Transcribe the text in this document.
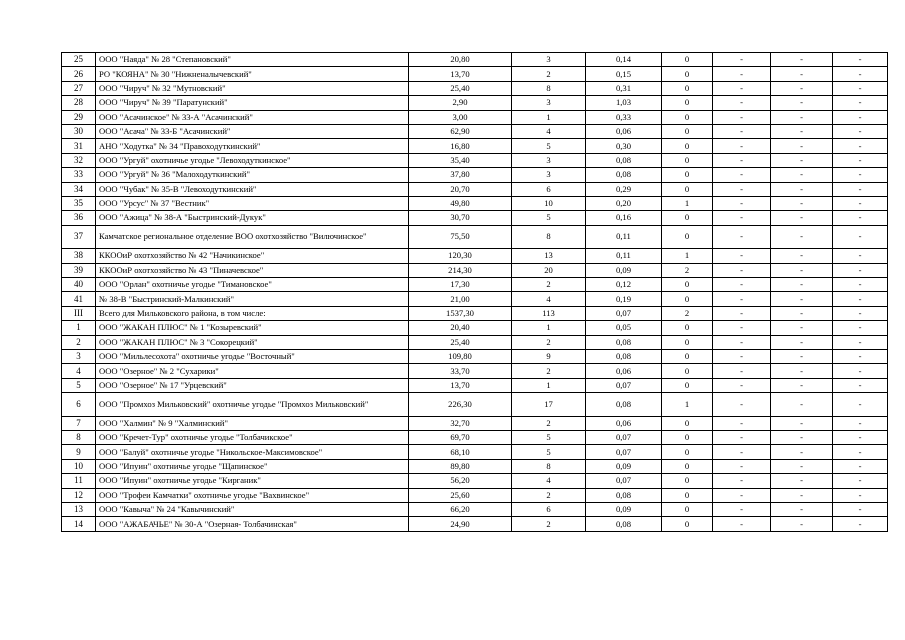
25	ООО "Наяда" № 28 "Степановский"	20,80	3	0,14	0	-	-	-
26	РО "КОЯНА" № 30 "Нижненалычевский"	13,70	2	0,15	0	-	-	-
27	ООО "Чируч" № 32 "Мутновский"	25,40	8	0,31	0	-	-	-
28	ООО "Чируч" № 39 "Паратунский"	2,90	3	1,03	0	-	-	-
29	ООО "Асачинское" № 33-А "Асачинский"	3,00	1	0,33	0	-	-	-
30	ООО "Асача" № 33-Б "Асачинский"	62,90	4	0,06	0	-	-	-
31	АНО "Ходутка" № 34 "Правоходуткинский"	16,80	5	0,30	0	-	-	-
32	ООО "Ургуй" охотничье угодье "Левоходуткинское"	35,40	3	0,08	0	-	-	-
33	ООО "Ургуй" № 36 "Малоходуткинский"	37,80	3	0,08	0	-	-	-
34	ООО "Чубак" № 35-В "Левоходуткинский"	20,70	6	0,29	0	-	-	-
35	ООО "Урсус" № 37 "Вестник"	49,80	10	0,20	1	-	-	-
36	ООО "Ажица" № 38-А "Быстринский-Дукук"	30,70	5	0,16	0	-	-	-
37	Камчатское региональное отделение ВОО охотхозяйство "Вилючинское"	75,50	8	0,11	0	-	-	-
38	ККООиР охотхозяйство № 42 "Начикинское"	120,30	13	0,11	1	-	-	-
39	ККООиР охотхозяйство № 43 "Пиначевское"	214,30	20	0,09	2	-	-	-
40	ООО "Орлан" охотничье угодье "Тимановское"	17,30	2	0,12	0	-	-	-
41	№ 38-В "Быстринский-Малкинский"	21,00	4	0,19	0	-	-	-
III	Всего для Мильковского района, в том числе:	1537,30	113	0,07	2	-	-	-
1	ООО "ЖАКАН ПЛЮС" № 1 "Козыревский"	20,40	1	0,05	0	-	-	-
2	ООО "ЖАКАН ПЛЮС" № 3 "Сокорецкий"	25,40	2	0,08	0	-	-	-
3	ООО "Мильлесохота" охотничье угодье "Восточный"	109,80	9	0,08	0	-	-	-
4	ООО "Озерное" № 2 "Сухарики"	33,70	2	0,06	0	-	-	-
5	ООО "Озерное" № 17 "Урцевский"	13,70	1	0,07	0	-	-	-
6	ООО "Промхоз Мильковский" охотничье угодье "Промхоз Мильковский"	226,30	17	0,08	1	-	-	-
7	ООО "Халмин" № 9 "Халминский"	32,70	2	0,06	0	-	-	-
8	ООО "Кречет-Тур" охотничье угодье "Толбачикское"	69,70	5	0,07	0	-	-	-
9	ООО "Балуй" охотничье угодье "Никольское-Максимовское"	68,10	5	0,07	0	-	-	-
10	ООО "Ипуин" охотничье угодье "Щапинское"	89,80	8	0,09	0	-	-	-
11	ООО "Ипуин" охотничье угодье "Кирганик"	56,20	4	0,07	0	-	-	-
12	ООО "Трофеи Камчатки" охотничье угодье "Вахвинское"	25,60	2	0,08	0	-	-	-
13	ООО "Кавыча" № 24 "Кавычинский"	66,20	6	0,09	0	-	-	-
14	ООО "АЖАБАЧЬЕ" № 30-А "Озерная- Толбачинская"	24,90	2	0,08	0	-	-	-
